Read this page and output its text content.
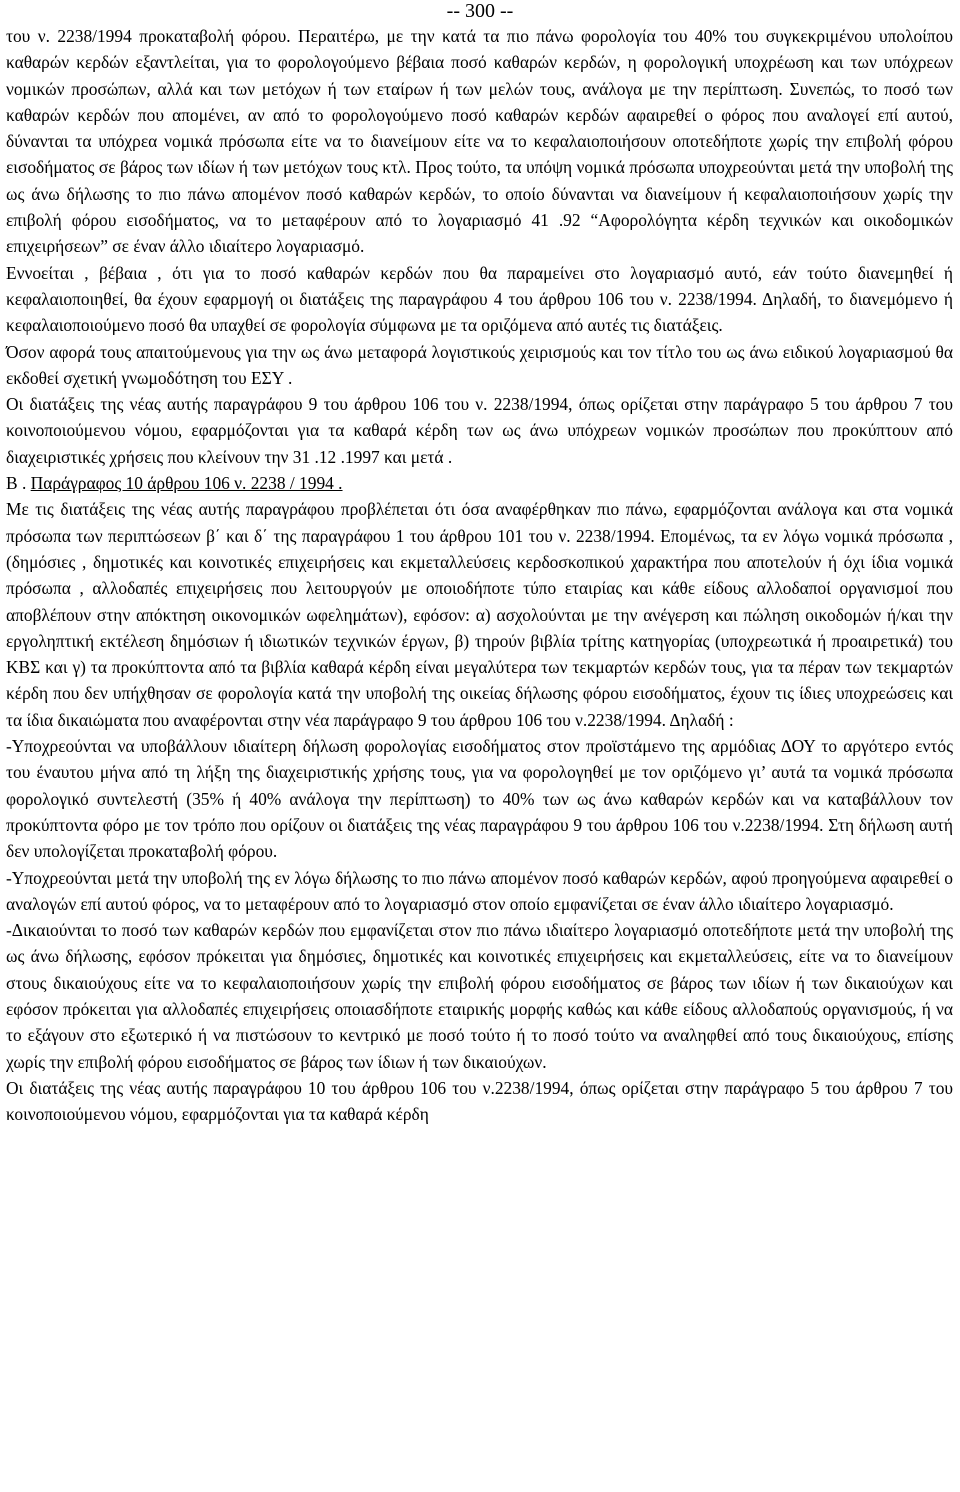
-- 300 --

του ν. 2238/1994 προκαταβολή φόρου. Περαιτέρω, με την κατά τα πιο πάνω φορολογία του 40% του συγκεκριμένου υπολοίπου καθαρών κερδών εξαντλείται, για το φορολογούμενο βέβαια ποσό καθαρών κερδών, η φορολογική υποχρέωση και των υπόχρεων νομικών προσώπων, αλλά και των μετόχων ή των εταίρων ή των μελών τους, ανάλογα με την περίπτωση. Συνεπώς, το ποσό των καθαρών κερδών που απομένει, αν από το φορολογούμενο ποσό καθαρών κερδών αφαιρεθεί ο φόρος που αναλογεί επί αυτού, δύνανται τα υπόχρεα νομικά πρόσωπα είτε να το διανείμουν είτε να το κεφαλαιοποιήσουν οποτεδήποτε χωρίς την επιβολή φόρου εισοδήματος σε βάρος των ιδίων ή των μετόχων τους κτλ. Προς τούτο, τα υπόψη νομικά πρόσωπα υποχρεούνται μετά την υποβολή της ως άνω δήλωσης το πιο πάνω απομένον ποσό καθαρών κερδών, το οποίο δύνανται να διανείμουν ή κεφαλαιοποιήσουν χωρίς την επιβολή φόρου εισοδήματος, να το μεταφέρουν από το λογαριασμό 41 .92 “Αφορολόγητα κέρδη τεχνικών και οικοδομικών επιχειρήσεων” σε έναν άλλο ιδιαίτερο λογαριασμό.

Εννοείται , βέβαια , ότι για το ποσό καθαρών κερδών που θα παραμείνει στο λογαριασμό αυτό, εάν τούτο διανεμηθεί ή κεφαλαιοποιηθεί, θα έχουν εφαρμογή οι διατάξεις της παραγράφου 4 του άρθρου 106 του ν. 2238/1994. Δηλαδή, το διανεμόμενο ή κεφαλαιοποιούμενο ποσό θα υπαχθεί σε φορολογία σύμφωνα με τα οριζόμενα από αυτές τις διατάξεις.

Όσον αφορά τους απαιτούμενους για την ως άνω μεταφορά λογιστικούς χειρισμούς και τον τίτλο του ως άνω ειδικού λογαριασμού θα εκδοθεί σχετική γνωμοδότηση του ΕΣΥ .

Οι διατάξεις της νέας αυτής παραγράφου 9 του άρθρου 106 του ν. 2238/1994, όπως ορίζεται στην παράγραφο 5 του άρθρου 7 του κοινοποιούμενου νόμου, εφαρμόζονται για τα καθαρά κέρδη των ως άνω υπόχρεων νομικών προσώπων που προκύπτουν από διαχειριστικές χρήσεις που κλείνουν την 31 .12 .1997 και μετά .

Β . Παράγραφος 10 άρθρου 106 ν. 2238 / 1994 .

Με τις διατάξεις της νέας αυτής παραγράφου προβλέπεται ότι όσα αναφέρθηκαν πιο πάνω, εφαρμόζονται ανάλογα και στα νομικά πρόσωπα των περιπτώσεων β΄ και δ΄ της παραγράφου 1 του άρθρου 101 του ν. 2238/1994. Επομένως, τα εν λόγω νομικά πρόσωπα , (δημόσιες , δημοτικές και κοινοτικές επιχειρήσεις και εκμεταλλεύσεις κερδοσκοπικού χαρακτήρα που αποτελούν ή όχι ίδια νομικά πρόσωπα , αλλοδαπές επιχειρήσεις που λειτουργούν με οποιοδήποτε τύπο εταιρίας και κάθε είδους αλλοδαποί οργανισμοί που αποβλέπουν στην απόκτηση οικονομικών ωφελημάτων), εφόσον: α) ασχολούνται με την ανέγερση και πώληση οικοδομών ή/και την εργοληπτική εκτέλεση δημόσιων ή ιδιωτικών τεχνικών έργων, β) τηρούν βιβλία τρίτης κατηγορίας (υποχρεωτικά ή προαιρετικά) του ΚΒΣ και γ) τα προκύπτοντα από τα βιβλία καθαρά κέρδη είναι μεγαλύτερα των τεκμαρτών κερδών τους, για τα πέραν των τεκμαρτών κέρδη που δεν υπήχθησαν σε φορολογία κατά την υποβολή της οικείας δήλωσης φόρου εισοδήματος, έχουν τις ίδιες υποχρεώσεις και τα ίδια δικαιώματα που αναφέρονται στην νέα παράγραφο 9 του άρθρου 106 του ν.2238/1994. Δηλαδή :

-Υποχρεούνται να υποβάλλουν ιδιαίτερη δήλωση φορολογίας εισοδήματος στον προϊστάμενο της αρμόδιας ΔΟΥ το αργότερο εντός του έναυτου μήνα από τη λήξη της διαχειριστικής χρήσης τους, για να φορολογηθεί με τον οριζόμενο γι’ αυτά τα νομικά πρόσωπα φορολογικό συντελεστή (35% ή 40% ανάλογα την περίπτωση) το 40% των ως άνω καθαρών κερδών και να καταβάλλουν τον προκύπτοντα φόρο με τον τρόπο που ορίζουν οι διατάξεις της νέας παραγράφου 9 του άρθρου 106 του ν.2238/1994. Στη δήλωση αυτή δεν υπολογίζεται προκαταβολή φόρου.

-Υποχρεούνται μετά την υποβολή της εν λόγω δήλωσης το πιο πάνω απομένον ποσό καθαρών κερδών, αφού προηγούμενα αφαιρεθεί ο αναλογών επί αυτού φόρος, να το μεταφέρουν από το λογαριασμό στον οποίο εμφανίζεται σε έναν άλλο ιδιαίτερο λογαριασμό.

-Δικαιούνται το ποσό των καθαρών κερδών που εμφανίζεται στον πιο πάνω ιδιαίτερο λογαριασμό οποτεδήποτε μετά την υποβολή της ως άνω δήλωσης, εφόσον πρόκειται για δημόσιες, δημοτικές και κοινοτικές επιχειρήσεις και εκμεταλλεύσεις, είτε να το διανείμουν στους δικαιούχους είτε να το κεφαλαιοποιήσουν χωρίς την επιβολή φόρου εισοδήματος σε βάρος των ιδίων ή των δικαιούχων και εφόσον πρόκειται για αλλοδαπές επιχειρήσεις οποιασδήποτε εταιρικής μορφής καθώς και κάθε είδους αλλοδαπούς οργανισμούς, ή να το εξάγουν στο εξωτερικό ή να πιστώσουν το κεντρικό με ποσό τούτο ή το ποσό τούτο να αναληφθεί από τους δικαιούχους, επίσης χωρίς την επιβολή φόρου εισοδήματος σε βάρος των ίδιων ή των δικαιούχων.

Οι διατάξεις της νέας αυτής παραγράφου 10 του άρθρου 106 του ν.2238/1994, όπως ορίζεται στην παράγραφο 5 του άρθρου 7 του κοινοποιούμενου νόμου, εφαρμόζονται για τα καθαρά κέρδη
